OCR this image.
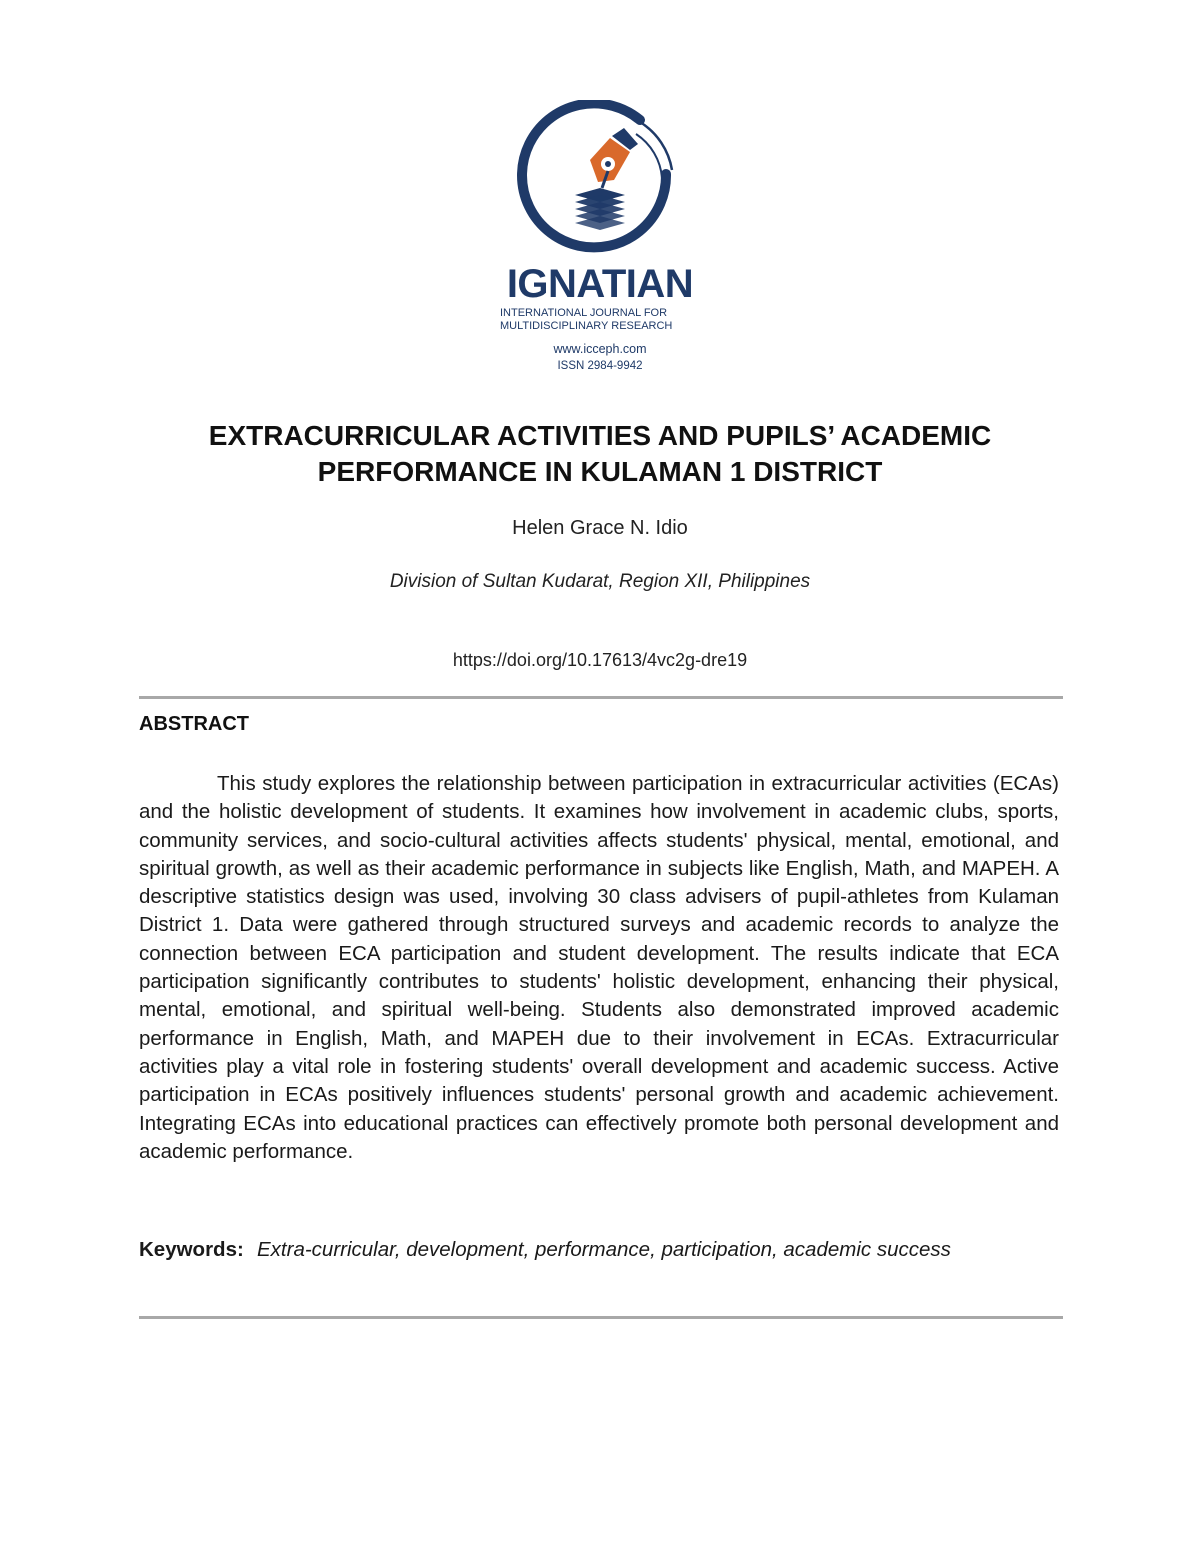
IGNATIAN
INTERNATIONAL JOURNAL FOR
MULTIDISCIPLINARY RESEARCH
www.icceph.com
ISSN 2984-9942
EXTRACURRICULAR ACTIVITIES AND PUPILS’ ACADEMIC
PERFORMANCE IN KULAMAN 1 DISTRICT
Helen Grace N. Idio
Division of Sultan Kudarat, Region XII, Philippines
https://doi.org/10.17613/4vc2g-dre19
ABSTRACT
This study explores the relationship between participation in extracurricular activities (ECAs) and the holistic development of students. It examines how involvement in academic clubs, sports, community services, and socio-cultural activities affects students' physical, mental, emotional, and spiritual growth, as well as their academic performance in subjects like English, Math, and MAPEH. A descriptive statistics design was used, involving 30 class advisers of pupil-athletes from Kulaman District 1. Data were gathered through structured surveys and academic records to analyze the connection between ECA participation and student development. The results indicate that ECA participation significantly contributes to students' holistic development, enhancing their physical, mental, emotional, and spiritual well-being. Students also demonstrated improved academic performance in English, Math, and MAPEH due to their involvement in ECAs. Extracurricular activities play a vital role in fostering students' overall development and academic success. Active participation in ECAs positively influences students' personal growth and academic achievement. Integrating ECAs into educational practices can effectively promote both personal development and academic performance.
Keywords: Extra-curricular, development, performance, participation, academic success
